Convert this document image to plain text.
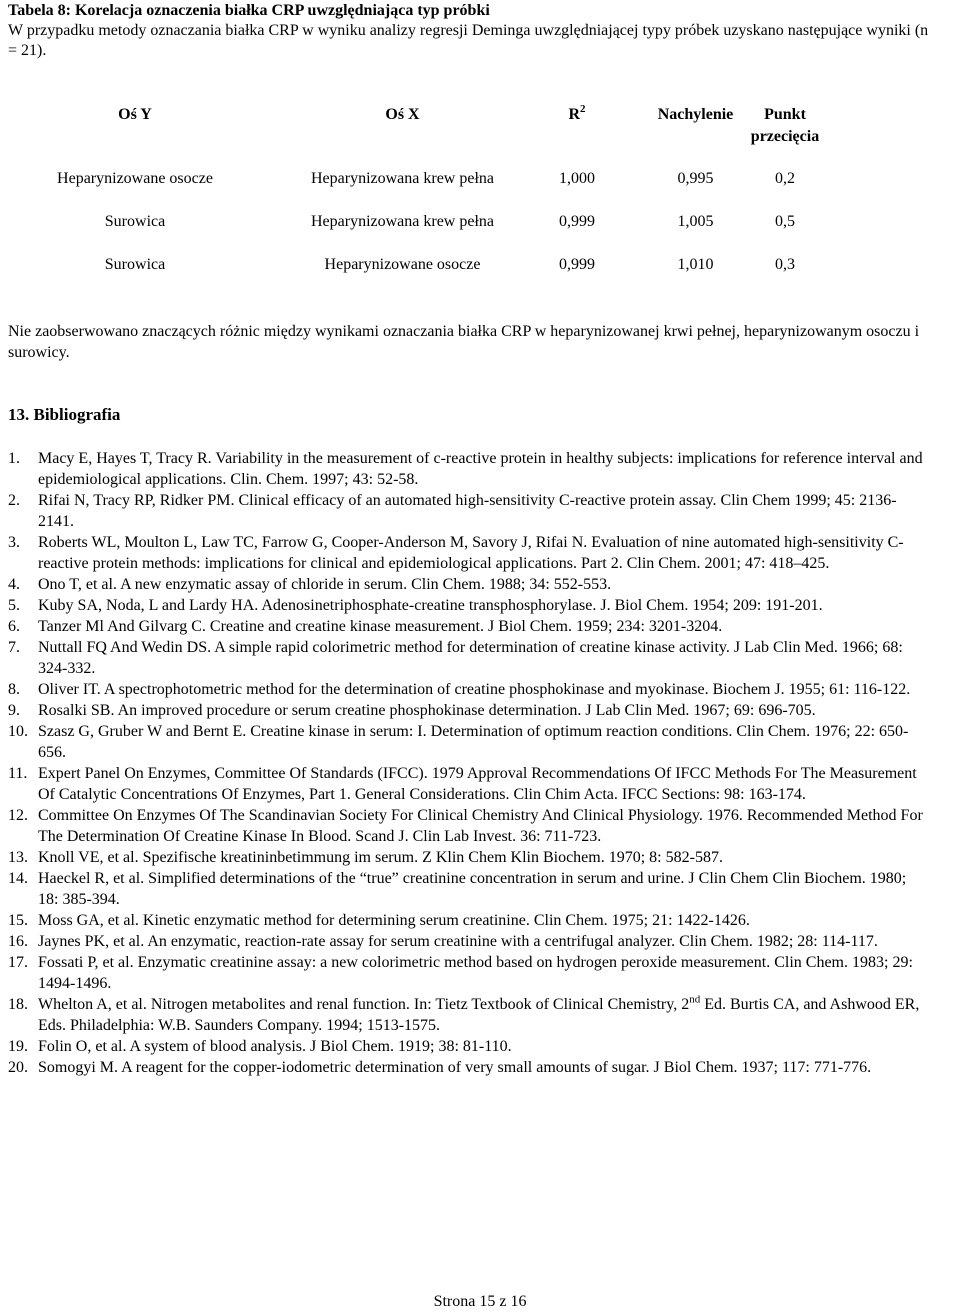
Tabela 8: Korelacja oznaczenia białka CRP uwzględniająca typ próbki
W przypadku metody oznaczania białka CRP w wyniku analizy regresji Deminga uwzględniającej typy próbek uzyskano następujące wyniki (n = 21).
Oś Y	Oś X	$R^2$	Nachylenie	Punkt przecięcia
Heparynizowane osocze	Heparynizowana krew pełna	1,000	0,995	0,2
Surowica	Heparynizowana krew pełna	0,999	1,005	0,5
Surowica	Heparynizowane osocze	0,999	1,010	0,3
Nie zaobserwowano znaczących różnic między wynikami oznaczania białka CRP w heparynizowanej krwi pełnej, heparynizowanym osoczu i surowicy.
13. Bibliografia
1. Macy E, Hayes T, Tracy R. Variability in the measurement of c-reactive protein in healthy subjects: implications for reference interval and epidemiological applications. Clin. Chem. 1997; 43: 52-58.
2. Rifai N, Tracy RP, Ridker PM. Clinical efficacy of an automated high-sensitivity C-reactive protein assay. Clin Chem 1999; 45: 2136-2141.
3. Roberts WL, Moulton L, Law TC, Farrow G, Cooper-Anderson M, Savory J, Rifai N. Evaluation of nine automated high-sensitivity C-reactive protein methods: implications for clinical and epidemiological applications. Part 2. Clin Chem. 2001; 47: 418–425.
4. Ono T, et al. A new enzymatic assay of chloride in serum. Clin Chem. 1988; 34: 552-553.
5. Kuby SA, Noda, L and Lardy HA. Adenosinetriphosphate-creatine transphosphorylase. J. Biol Chem. 1954; 209: 191-201.
6. Tanzer Ml And Gilvarg C. Creatine and creatine kinase measurement. J Biol Chem. 1959; 234: 3201-3204.
7. Nuttall FQ And Wedin DS. A simple rapid colorimetric method for determination of creatine kinase activity. J Lab Clin Med. 1966; 68: 324-332.
8. Oliver IT. A spectrophotometric method for the determination of creatine phosphokinase and myokinase. Biochem J. 1955; 61: 116-122.
9. Rosalki SB. An improved procedure or serum creatine phosphokinase determination. J Lab Clin Med. 1967; 69: 696-705.
10. Szasz G, Gruber W and Bernt E. Creatine kinase in serum: I. Determination of optimum reaction conditions. Clin Chem. 1976; 22: 650-656.
11. Expert Panel On Enzymes, Committee Of Standards (IFCC). 1979 Approval Recommendations Of IFCC Methods For The Measurement Of Catalytic Concentrations Of Enzymes, Part 1. General Considerations. Clin Chim Acta. IFCC Sections: 98: 163-174.
12. Committee On Enzymes Of The Scandinavian Society For Clinical Chemistry And Clinical Physiology. 1976. Recommended Method For The Determination Of Creatine Kinase In Blood. Scand J. Clin Lab Invest. 36: 711-723.
13. Knoll VE, et al. Spezifische kreatininbetimmung im serum. Z Klin Chem Klin Biochem. 1970; 8: 582-587.
14. Haeckel R, et al. Simplified determinations of the “true” creatinine concentration in serum and urine. J Clin Chem Clin Biochem. 1980; 18: 385-394.
15. Moss GA, et al. Kinetic enzymatic method for determining serum creatinine. Clin Chem. 1975; 21: 1422-1426.
16. Jaynes PK, et al. An enzymatic, reaction-rate assay for serum creatinine with a centrifugal analyzer. Clin Chem. 1982; 28: 114-117.
17. Fossati P, et al. Enzymatic creatinine assay: a new colorimetric method based on hydrogen peroxide measurement. Clin Chem. 1983; 29: 1494-1496.
18. Whelton A, et al. Nitrogen metabolites and renal function. In: Tietz Textbook of Clinical Chemistry, 2nd Ed. Burtis CA, and Ashwood ER, Eds. Philadelphia: W.B. Saunders Company. 1994; 1513-1575.
19. Folin O, et al. A system of blood analysis. J Biol Chem. 1919; 38: 81-110.
20. Somogyi M. A reagent for the copper-iodometric determination of very small amounts of sugar. J Biol Chem. 1937; 117: 771-776.
Strona 15 z 16
